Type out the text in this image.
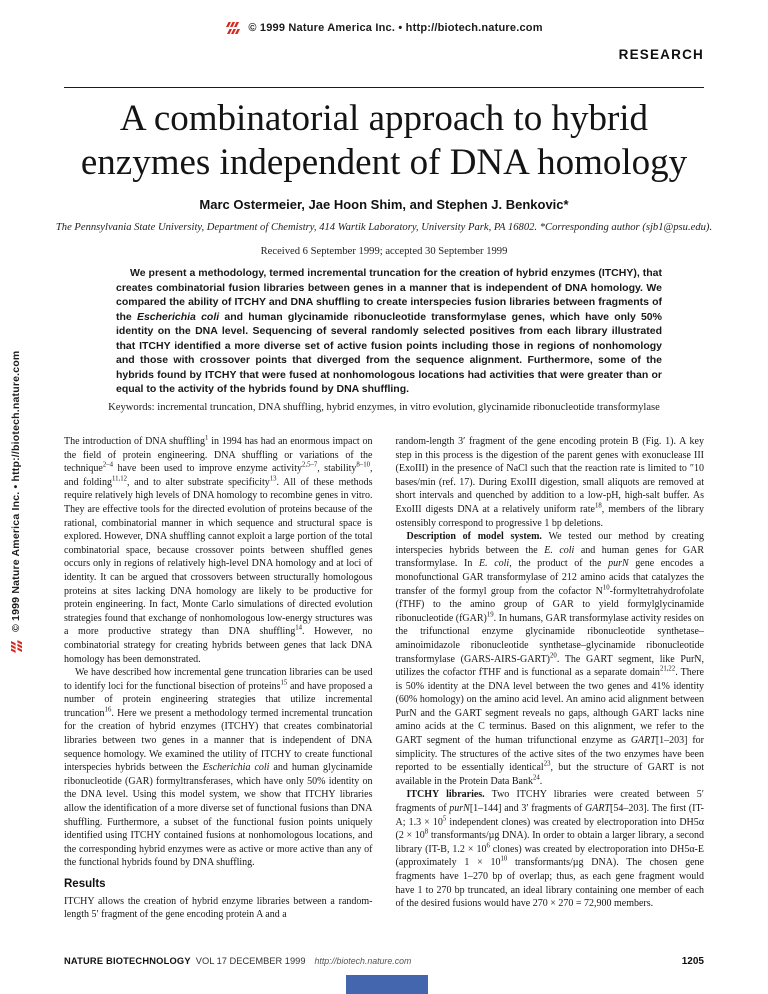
© 1999 Nature America Inc. • http://biotech.nature.com
RESEARCH
A combinatorial approach to hybrid
enzymes independent of DNA homology
Marc Ostermeier, Jae Hoon Shim, and Stephen J. Benkovic*
The Pennsylvania State University, Department of Chemistry, 414 Wartik Laboratory, University Park, PA 16802. *Corresponding author (sjb1@psu.edu).
Received 6 September 1999; accepted 30 September 1999
We present a methodology, termed incremental truncation for the creation of hybrid enzymes (ITCHY), that creates combinatorial fusion libraries between genes in a manner that is independent of DNA homology. We compared the ability of ITCHY and DNA shuffling to create interspecies fusion libraries between fragments of the Escherichia coli and human glycinamide ribonucleotide transformylase genes, which have only 50% identity on the DNA level. Sequencing of several randomly selected positives from each library illustrated that ITCHY identified a more diverse set of active fusion points including those in regions of nonhomology and those with crossover points that diverged from the sequence alignment. Furthermore, some of the hybrids found by ITCHY that were fused at nonhomologous locations had activities that were greater than or equal to the activity of the hybrids found by DNA shuffling.
Keywords: incremental truncation, DNA shuffling, hybrid enzymes, in vitro evolution, glycinamide ribonucleotide transformylase

The introduction of DNA shuffling$^1$ in 1994 has had an enormous impact on the field of protein engineering. DNA shuffling or variations of the technique$^{2-4}$ have been used to improve enzyme activity$^{2,5-7}$, stability$^{8-10}$, and folding$^{11,12}$, and to alter substrate specificity$^{13}$. All of these methods require relatively high levels of DNA homology to recombine genes in vitro. They are effective tools for the directed evolution of proteins because of the rational, combinatorial manner in which sequence and structural space is explored. However, DNA shuffling cannot exploit a large portion of the total combinatorial space, because crossover points between shuffled genes occurs only in regions of relatively high-level DNA homology and at loci of identity. It can be argued that crossovers between structurally homologous proteins at sites lacking DNA homology are likely to be productive for protein engineering. In fact, Monte Carlo simulations of directed evolution strategies found that exchange of nonhomologous low-energy structures was a more productive strategy than DNA shuffling$^{14}$. However, no combinatorial strategy for creating hybrids between genes that lack DNA homology has been demonstrated.

We have described how incremental gene truncation libraries can be used to identify loci for the functional bisection of proteins$^{15}$ and have proposed a number of protein engineering strategies that utilize incremental truncation$^{16}$. Here we present a methodology termed incremental truncation for the creation of hybrid enzymes (ITCHY) that creates combinatorial libraries between two genes in a manner that is independent of DNA sequence homology. We examined the utility of ITCHY to create functional interspecies hybrids between the Escherichia coli and human glycinamide ribonucleotide (GAR) formyltransferases, which have only 50% identity on the DNA level. Using this model system, we show that ITCHY libraries allow the identification of a more diverse set of functional fusions than DNA shuffling. Furthermore, a subset of the functional fusion points uniquely identified using ITCHY contained fusions at nonhomologous locations, and the corresponding hybrid enzymes were as active or more active than any of the functional hybrids found by DNA shuffling.

Results

ITCHY allows the creation of hybrid enzyme libraries between a random-length 5′ fragment of the gene encoding protein A and a

random-length 3′ fragment of the gene encoding protein B (Fig. 1). A key step in this process is the digestion of the parent genes with exonuclease III (ExoIII) in the presence of NaCl such that the reaction rate is limited to ″10 bases/min (ref. 17). During ExoIII digestion, small aliquots are removed at short intervals and quenched by addition to a low-pH, high-salt buffer. As ExoIII digests DNA at a relatively uniform rate$^{18}$, members of the library ostensibly correspond to progressive 1 bp deletions.

Description of model system. We tested our method by creating interspecies hybrids between the E. coli and human genes for GAR transformylase. In E. coli, the product of the purN gene encodes a monofunctional GAR transformylase of 212 amino acids that catalyzes the transfer of the formyl group from the cofactor $N^{10}$-formyltetrahydrofolate (fTHF) to the amino group of GAR to yield formylglycinamide ribonucleotide (fGAR)$^{19}$. In humans, GAR transformylase activity resides on the trifunctional enzyme glycinamide ribonucleotide synthetase–aminoimidazole ribonucleotide synthetase–glycinamide ribonucleotide transformylase (GARS-AIRS-GART)$^{20}$. The GART segment, like PurN, utilizes the cofactor fTHF and is functional as a separate domain$^{21,22}$. There is 50% identity at the DNA level between the two genes and 41% identity (60% homology) on the amino acid level. An amino acid alignment between PurN and the GART segment reveals no gaps, although GART lacks nine amino acids at the C terminus. Based on this alignment, we refer to the GART segment of the human trifunctional enzyme as GART[1–203] for simplicity. The structures of the active sites of the two enzymes have been reported to be essentially identical$^{23}$, but the structure of GART is not available in the Protein Data Bank$^{24}$.

ITCHY libraries. Two ITCHY libraries were created between 5′ fragments of purN[1–144] and 3′ fragments of GART[54–203]. The first (IT-A; $1.3 \times 10^5$ independent clones) was created by electroporation into DH5α ($2 \times 10^8$ transformants/µg DNA). In order to obtain a larger library, a second library (IT-B, $1.2 \times 10^6$ clones) was created by electroporation into DH5α-E (approximately $1 \times 10^{10}$ transformants/µg DNA). The chosen gene fragments have 1–270 bp of overlap; thus, as each gene fragment would have 1 to 270 bp truncated, an ideal library containing one member of each of the desired fusions would have 270 × 270 = 72,900 members.

NATURE BIOTECHNOLOGY VOL 17 DECEMBER 1999 http://biotech.nature.com	1205
© 1999 Nature America Inc. • http://biotech.nature.com
